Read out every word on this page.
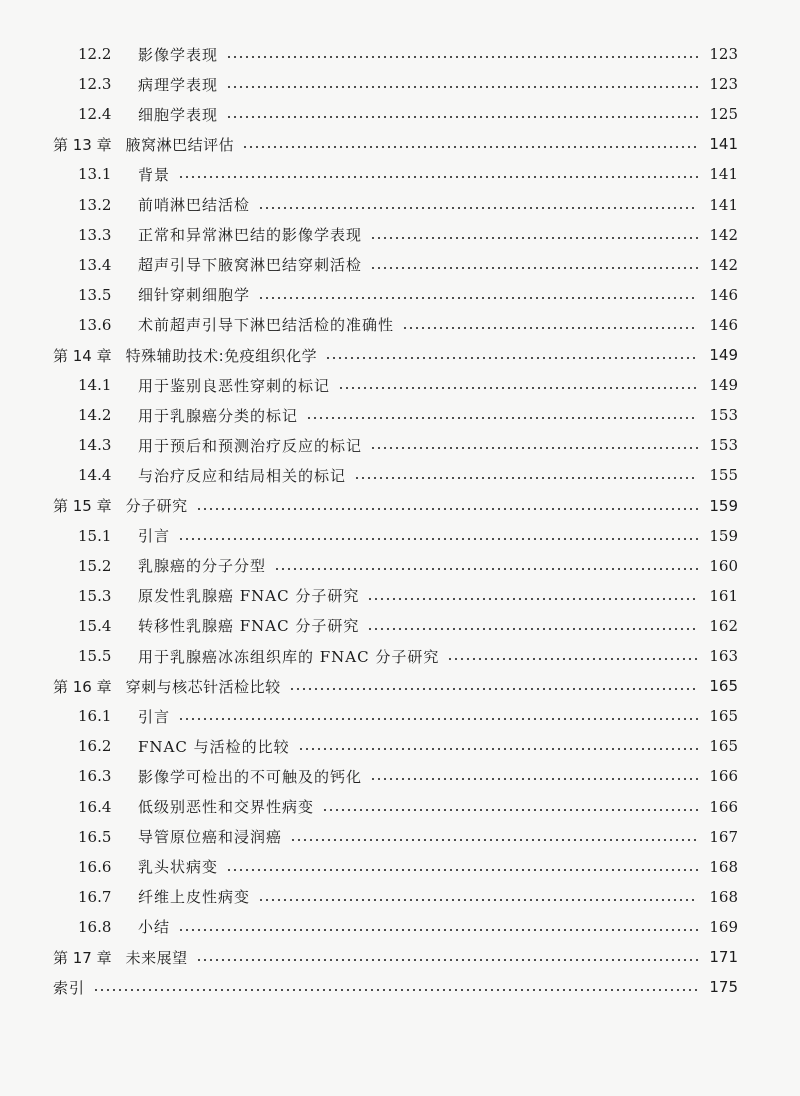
12.2	影像学表现	123
12.3	病理学表现	123
12.4	细胞学表现	125
第 13 章 腋窝淋巴结评估	141
13.1	背景	141
13.2	前哨淋巴结活检	141
13.3	正常和异常淋巴结的影像学表现	142
13.4	超声引导下腋窝淋巴结穿刺活检	142
13.5	细针穿刺细胞学	146
13.6	术前超声引导下淋巴结活检的准确性	146
第 14 章 特殊辅助技术:免疫组织化学	149
14.1	用于鉴别良恶性穿刺的标记	149
14.2	用于乳腺癌分类的标记	153
14.3	用于预后和预测治疗反应的标记	153
14.4	与治疗反应和结局相关的标记	155
第 15 章 分子研究	159
15.1	引言	159
15.2	乳腺癌的分子分型	160
15.3	原发性乳腺癌 FNAC 分子研究	161
15.4	转移性乳腺癌 FNAC 分子研究	162
15.5	用于乳腺癌冰冻组织库的 FNAC 分子研究	163
第 16 章 穿刺与核芯针活检比较	165
16.1	引言	165
16.2	FNAC 与活检的比较	165
16.3	影像学可检出的不可触及的钙化	166
16.4	低级别恶性和交界性病变	166
16.5	导管原位癌和浸润癌	167
16.6	乳头状病变	168
16.7	纤维上皮性病变	168
16.8	小结	169
第 17 章 未来展望	171
索引	175
